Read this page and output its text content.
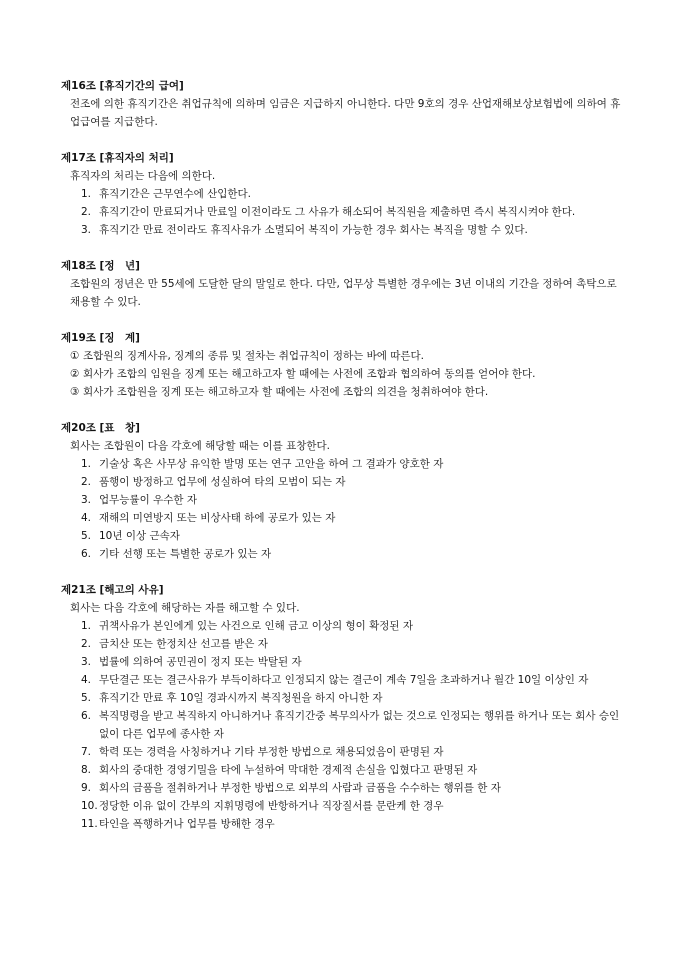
제16조 [휴직기간의 급여]

전조에 의한 휴직기간은 취업규칙에 의하며 임금은 지급하지 아니한다. 다만 9호의 경우 산업재해보상보험법에 의하여 휴업급여를 지급한다.

제17조 [휴직자의 처리]

휴직자의 처리는 다음에 의한다.

1. 휴직기간은 근무연수에 산입한다.
2. 휴직기간이 만료되거나 만료일 이전이라도 그 사유가 해소되어 복직원을 제출하면 즉시 복직시켜야 한다.
3. 휴직기간 만료 전이라도 휴직사유가 소멸되어 복직이 가능한 경우 회사는 복직을 명할 수 있다.

제18조 [정　년]

조합원의 정년은 만 55세에 도달한 달의 말일로 한다. 다만, 업무상 특별한 경우에는 3년 이내의 기간을 정하여 촉탁으로 채용할 수 있다.

제19조 [징　계]

① 조합원의 징계사유, 징계의 종류 및 절차는 취업규칙이 정하는 바에 따른다.
② 회사가 조합의 임원을 징계 또는 해고하고자 할 때에는 사전에 조합과 협의하여 동의를 얻어야 한다.
③ 회사가 조합원을 징계 또는 해고하고자 할 때에는 사전에 조합의 의견을 청취하여야 한다.

제20조 [표　창]

회사는 조합원이 다음 각호에 해당할 때는 이를 표창한다.

1. 기술상 혹은 사무상 유익한 발명 또는 연구 고안을 하여 그 결과가 양호한 자
2. 품행이 방정하고 업무에 성실하여 타의 모범이 되는 자
3. 업무능률이 우수한 자
4. 재해의 미연방지 또는 비상사태 하에 공로가 있는 자
5. 10년 이상 근속자
6. 기타 선행 또는 특별한 공로가 있는 자

제21조 [해고의 사유]

회사는 다음 각호에 해당하는 자를 해고할 수 있다.

1. 귀책사유가 본인에게 있는 사건으로 인해 금고 이상의 형이 확정된 자
2. 금치산 또는 한정치산 선고를 받은 자
3. 법률에 의하여 공민권이 정지 또는 박탈된 자
4. 무단결근 또는 결근사유가 부득이하다고 인정되지 않는 결근이 계속 7일을 초과하거나 월간 10일 이상인 자
5. 휴직기간 만료 후 10일 경과시까지 복직청원을 하지 아니한 자
6. 복직명령을 받고 복직하지 아니하거나 휴직기간중 복무의사가 없는 것으로 인정되는 행위를 하거나 또는 회사 승인 없이 다른 업무에 종사한 자
7. 학력 또는 경력을 사칭하거나 기타 부정한 방법으로 채용되었음이 판명된 자
8. 회사의 중대한 경영기밀을 타에 누설하여 막대한 경제적 손실을 입혔다고 판명된 자
9. 회사의 금품을 절취하거나 부정한 방법으로 외부의 사람과 금품을 수수하는 행위를 한 자
10. 정당한 이유 없이 간부의 지휘명령에 반항하거나 직장질서를 문란케 한 경우
11. 타인을 폭행하거나 업무를 방해한 경우
